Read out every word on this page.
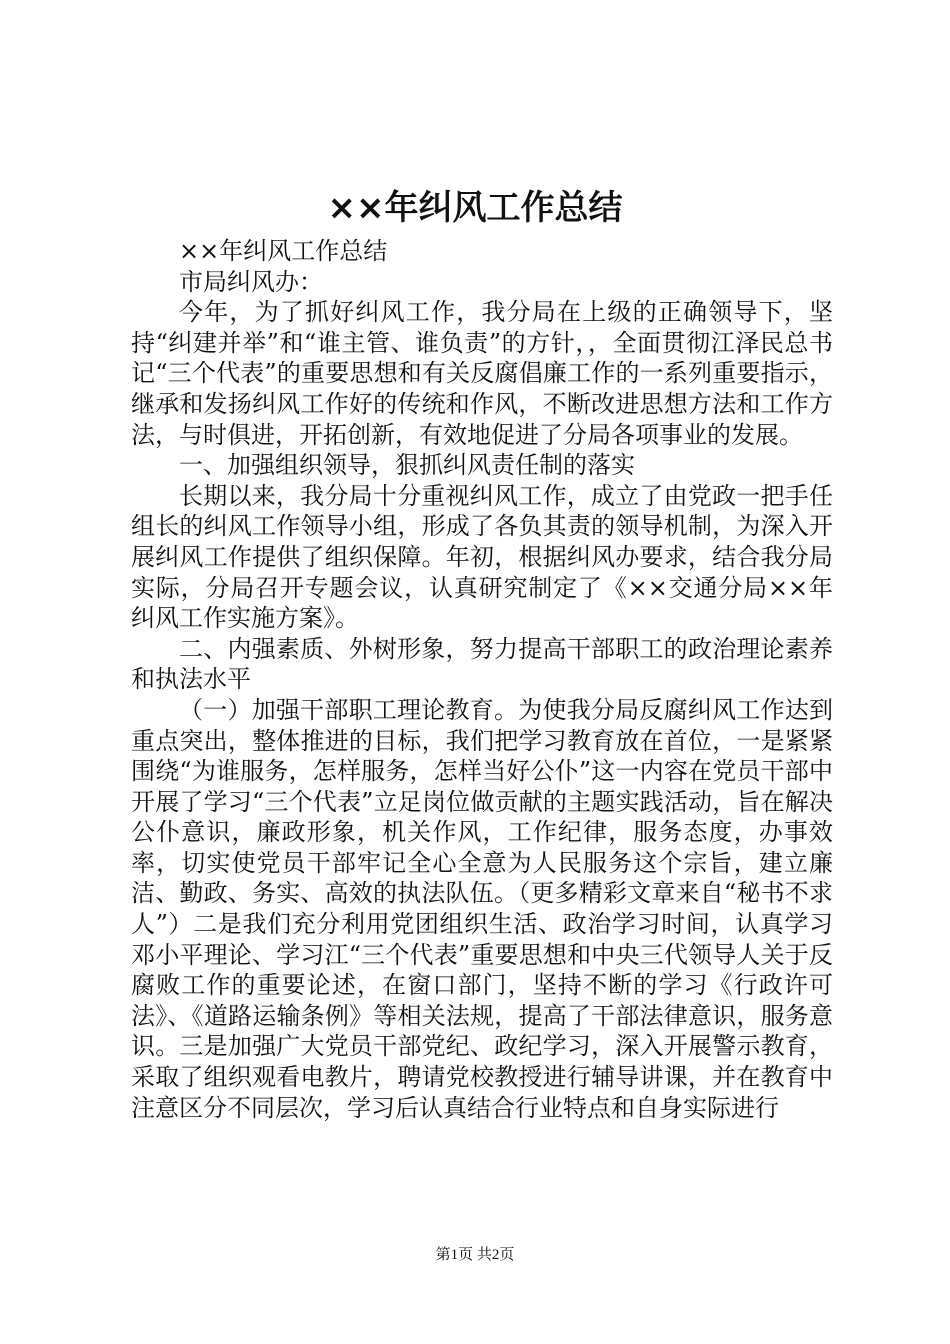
××年纠风工作总结

××年纠风工作总结

市局纠风办：

今年，为了抓好纠风工作，我分局在上级的正确领导下，坚持“纠建并举”和“谁主管、谁负责”的方针，，全面贯彻江泽民总书记“三个代表”的重要思想和有关反腐倡廉工作的一系列重要指示，继承和发扬纠风工作好的传统和作风，不断改进思想方法和工作方法，与时俱进，开拓创新，有效地促进了分局各项事业的发展。

一、加强组织领导，狠抓纠风责任制的落实

长期以来，我分局十分重视纠风工作，成立了由党政一把手任组长的纠风工作领导小组，形成了各负其责的领导机制，为深入开展纠风工作提供了组织保障。年初，根据纠风办要求，结合我分局实际，分局召开专题会议，认真研究制定了《××交通分局××年纠风工作实施方案》。

二、内强素质、外树形象，努力提高干部职工的政治理论素养和执法水平

（一）加强干部职工理论教育。为使我分局反腐纠风工作达到重点突出，整体推进的目标，我们把学习教育放在首位，一是紧紧围绕“为谁服务，怎样服务，怎样当好公仆”这一内容在党员干部中开展了学习“三个代表”立足岗位做贡献的主题实践活动，旨在解决公仆意识，廉政形象，机关作风，工作纪律，服务态度，办事效率，切实使党员干部牢记全心全意为人民服务这个宗旨，建立廉洁、勤政、务实、高效的执法队伍。（更多精彩文章来自“秘书不求人”）二是我们充分利用党团组织生活、政治学习时间，认真学习邓小平理论、学习江“三个代表”重要思想和中央三代领导人关于反腐败工作的重要论述，在窗口部门，坚持不断的学习《行政许可法》、《道路运输条例》等相关法规，提高了干部法律意识，服务意识。三是加强广大党员干部党纪、政纪学习，深入开展警示教育，采取了组织观看电教片，聘请党校教授进行辅导讲课，并在教育中注意区分不同层次，学习后认真结合行业特点和自身实际进行

第1页 共2页
